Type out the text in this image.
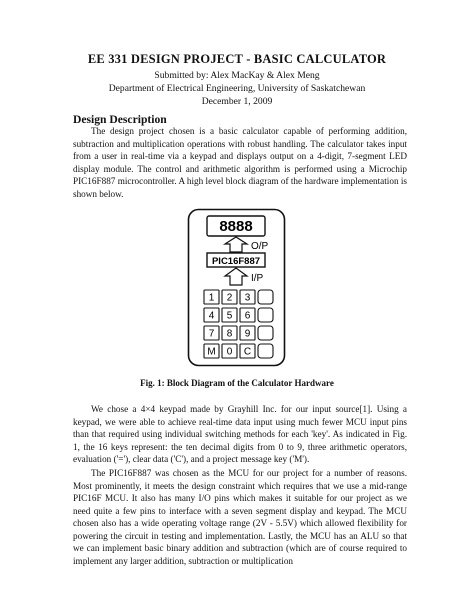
EE 331 DESIGN PROJECT - BASIC CALCULATOR
Submitted by: Alex MacKay & Alex Meng
Department of Electrical Engineering, University of Saskatchewan
December 1, 2009
Design Description

The design project chosen is a basic calculator capable of performing addition, subtraction and multiplication operations with robust handling. The calculator takes input from a user in real-time via a keypad and displays output on a 4-digit, 7-segment LED display module. The control and arithmetic algorithm is performed using a Microchip PIC16F887 microcontroller. A high level block diagram of the hardware implementation is shown below.

8888
O/P
PIC16F887
I/P
1 2 3
4 5 6
7 8 9
M 0 C
Fig. 1: Block Diagram of the Calculator Hardware

We chose a 4×4 keypad made by Grayhill Inc. for our input source[1]. Using a keypad, we were able to achieve real-time data input using much fewer MCU input pins than that required using individual switching methods for each 'key'. As indicated in Fig. 1, the 16 keys represent: the ten decimal digits from 0 to 9, three arithmetic operators, evaluation ('='), clear data ('C'), and a project message key ('M').

The PIC16F887 was chosen as the MCU for our project for a number of reasons. Most prominently, it meets the design constraint which requires that we use a mid-range PIC16F MCU. It also has many I/O pins which makes it suitable for our project as we need quite a few pins to interface with a seven segment display and keypad. The MCU chosen also has a wide operating voltage range (2V - 5.5V) which allowed flexibility for powering the circuit in testing and implementation. Lastly, the MCU has an ALU so that we can implement basic binary addition and subtraction (which are of course required to implement any larger addition, subtraction or multiplication
